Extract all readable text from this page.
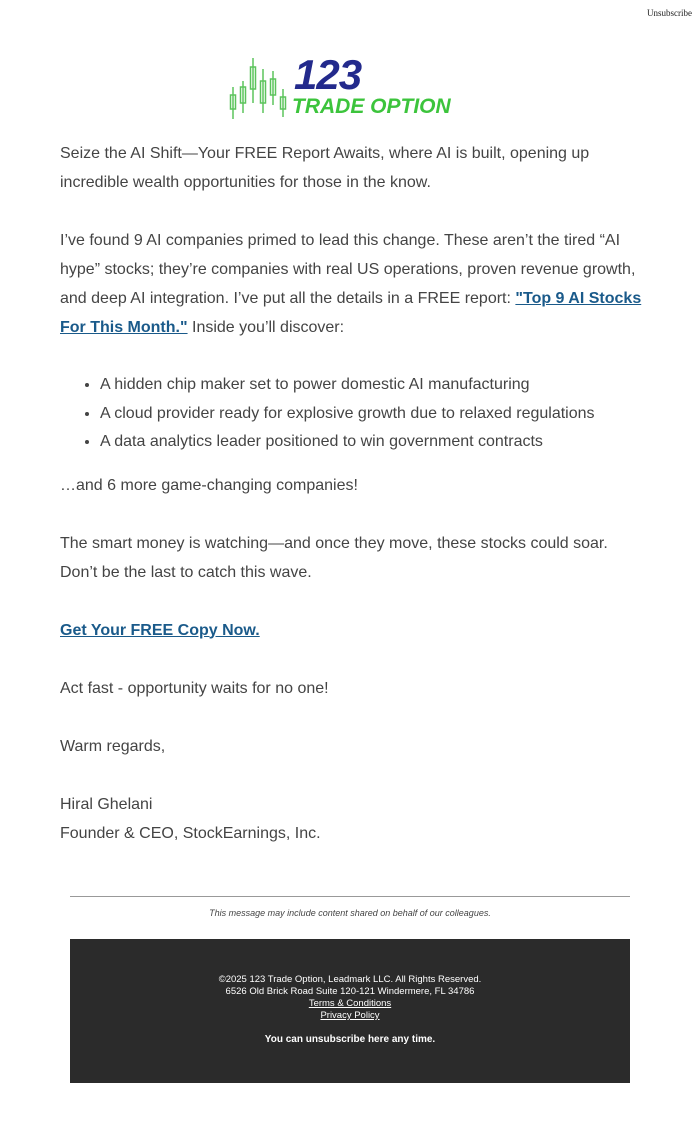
Unsubscribe
123
TRADE OPTION

Seize the AI Shift—Your FREE Report Awaits, where AI is built, opening up incredible wealth opportunities for those in the know.

I’ve found 9 AI companies primed to lead this change. These aren’t the tired “AI hype” stocks; they’re companies with real US operations, proven revenue growth, and deep AI integration. I’ve put all the details in a FREE report: "Top 9 AI Stocks For This Month." Inside you’ll discover:

• A hidden chip maker set to power domestic AI manufacturing
• A cloud provider ready for explosive growth due to relaxed regulations
• A data analytics leader positioned to win government contracts

…and 6 more game-changing companies!

The smart money is watching—and once they move, these stocks could soar. Don’t be the last to catch this wave.

Get Your FREE Copy Now.

Act fast - opportunity waits for no one!

Warm regards,

Hiral Ghelani
Founder & CEO, StockEarnings, Inc.
This message may include content shared on behalf of our colleagues.
©2025 123 Trade Option, Leadmark LLC. All Rights Reserved.
6526 Old Brick Road Suite 120-121 Windermere, FL 34786
Terms & Conditions
Privacy Policy
You can unsubscribe here any time.
